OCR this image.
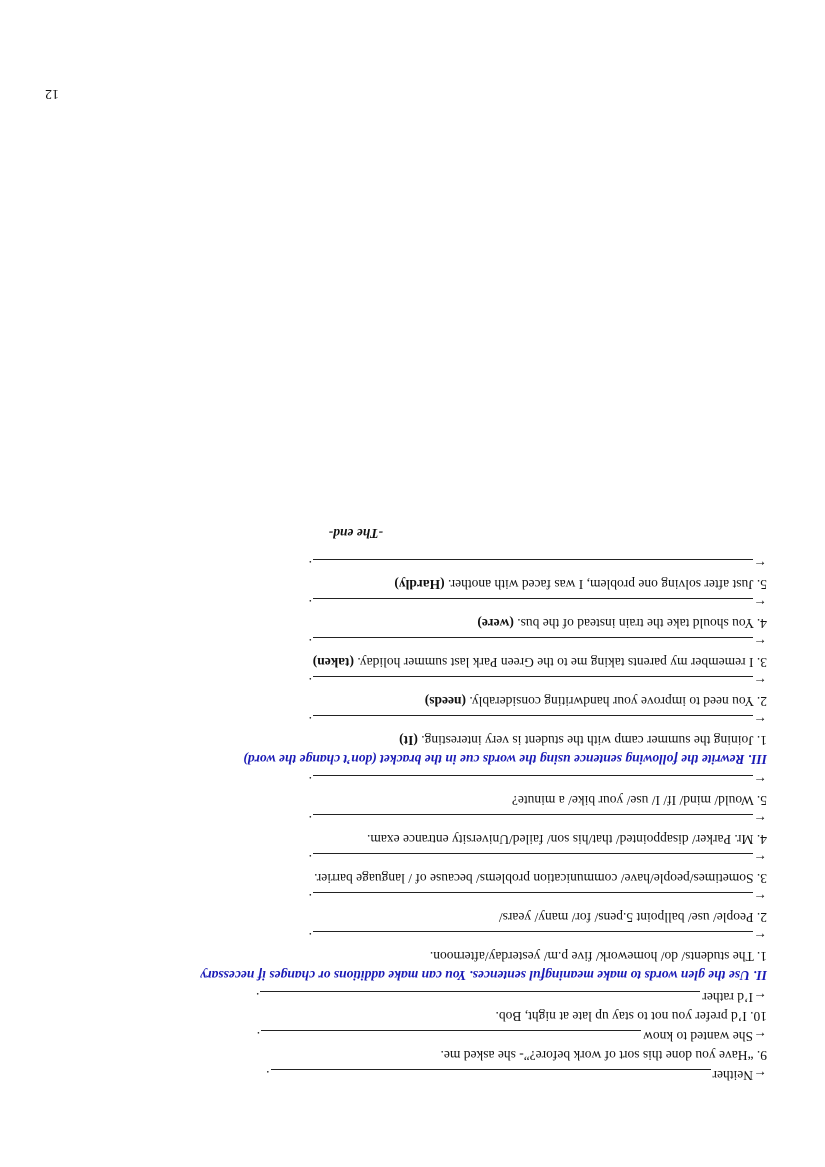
←
Neither
.
9. “Have you done this sort of work before?”- she asked me.
←
She wanted to know
.
10. I’d prefer you not to stay up late at night, Bob.
←
I’d rather
.
II. Use the glen words to make meaningful sentences. You can make additions or changes if necessary
1. The students/ do/ homework/ five p.m/ yesterday/afternoon.
←
.
2. People/ use/ ballpoint 5.pens/ for/ many/ years/
←
.
3. Sometimes/people/have/ communication problems/ because of / language barrier.
←
.
4. Mr. Parker/ disappointed/ that/his son/ failed/University entrance exam.
←
.
5. Would/ mind/ If/ I/ use/ your bike/ a minute?
←
.
III. Rewrite the following sentence using the words cue in the bracket (don’t change the word)
1. Joining the summer camp with the student is very interesting. (It)
←
.
2. You need to improve your handwriting considerably. (needs)
←
.
3. I remember my parents taking me to the Green Park last summer holiday. (taken)
←
.
4. You should take the train instead of the bus. (were)
←
.
5. Just after solving one problem, I was faced with another. (Hardly)
←
.
-The end-
12
